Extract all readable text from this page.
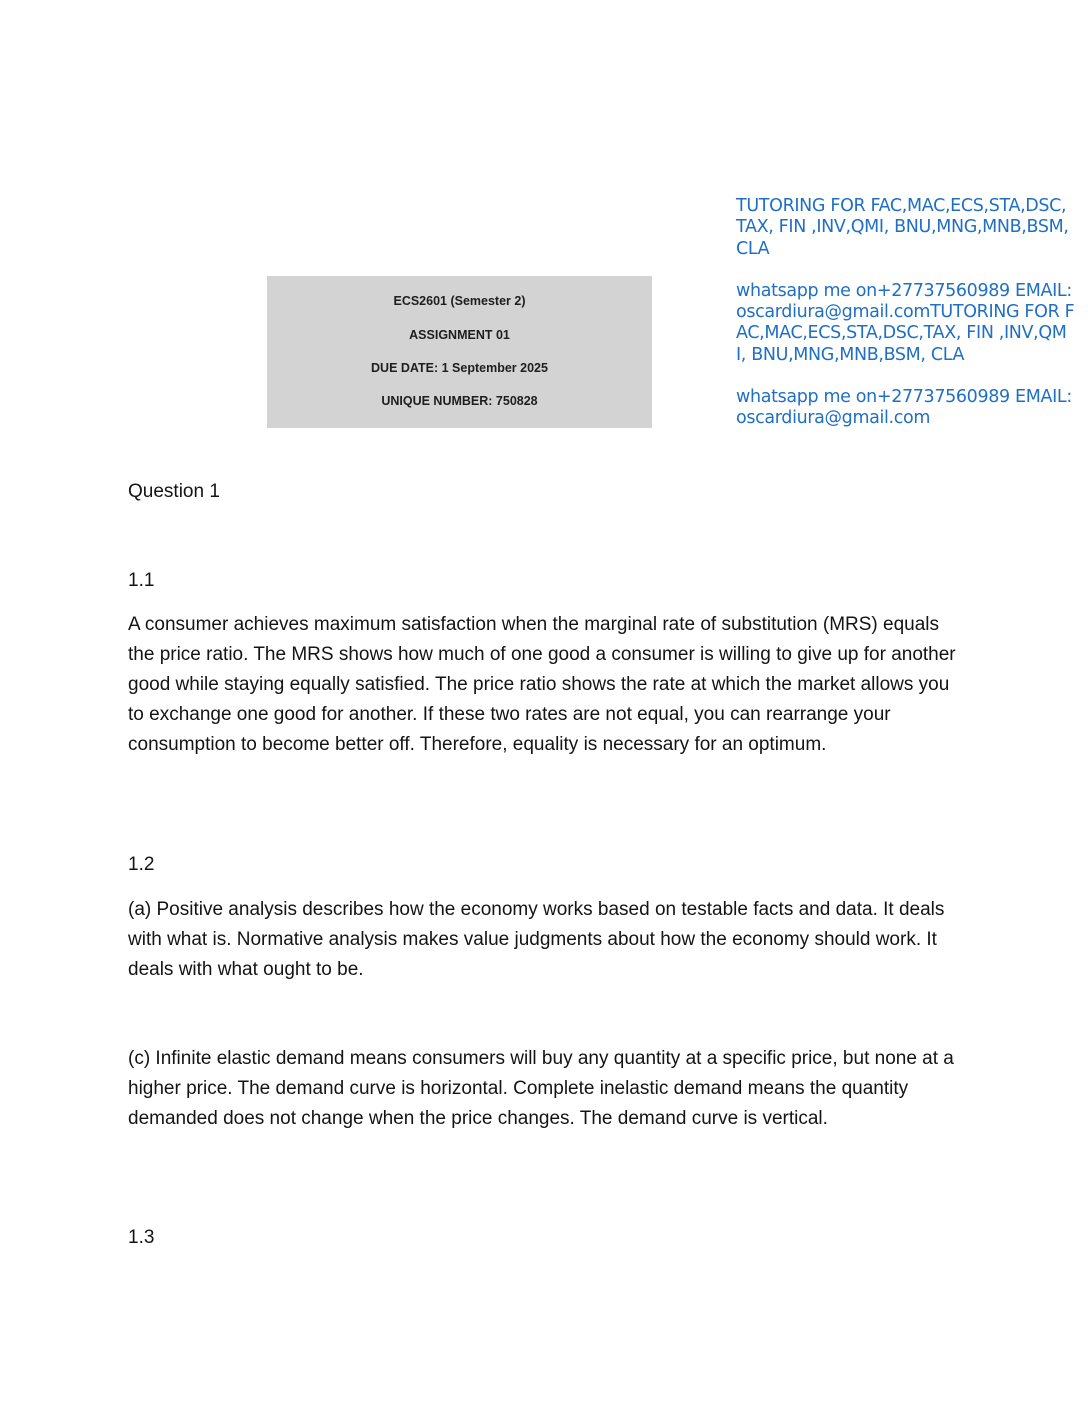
TUTORING FOR FAC,MAC,ECS,STA,DSC,TAX, FIN ,INV,QMI, BNU,MNG,MNB,BSM, CLA

whatsapp me on+27737560989 EMAIL:oscardiura@gmail.comTUTORING FOR FAC,MAC,ECS,STA,DSC,TAX, FIN ,INV,QMI, BNU,MNG,MNB,BSM, CLA

whatsapp me on+27737560989 EMAIL:oscardiura@gmail.com

ECS2601 (Semester 2)
ASSIGNMENT 01
DUE DATE: 1 September 2025
UNIQUE NUMBER: 750828

Question 1

1.1

A consumer achieves maximum satisfaction when the marginal rate of substitution (MRS) equals the price ratio. The MRS shows how much of one good a consumer is willing to give up for another good while staying equally satisfied. The price ratio shows the rate at which the market allows you to exchange one good for another. If these two rates are not equal, you can rearrange your consumption to become better off. Therefore, equality is necessary for an optimum.

1.2

(a) Positive analysis describes how the economy works based on testable facts and data. It deals with what is. Normative analysis makes value judgments about how the economy should work. It deals with what ought to be.

(c) Infinite elastic demand means consumers will buy any quantity at a specific price, but none at a higher price. The demand curve is horizontal. Complete inelastic demand means the quantity demanded does not change when the price changes. The demand curve is vertical.

1.3
